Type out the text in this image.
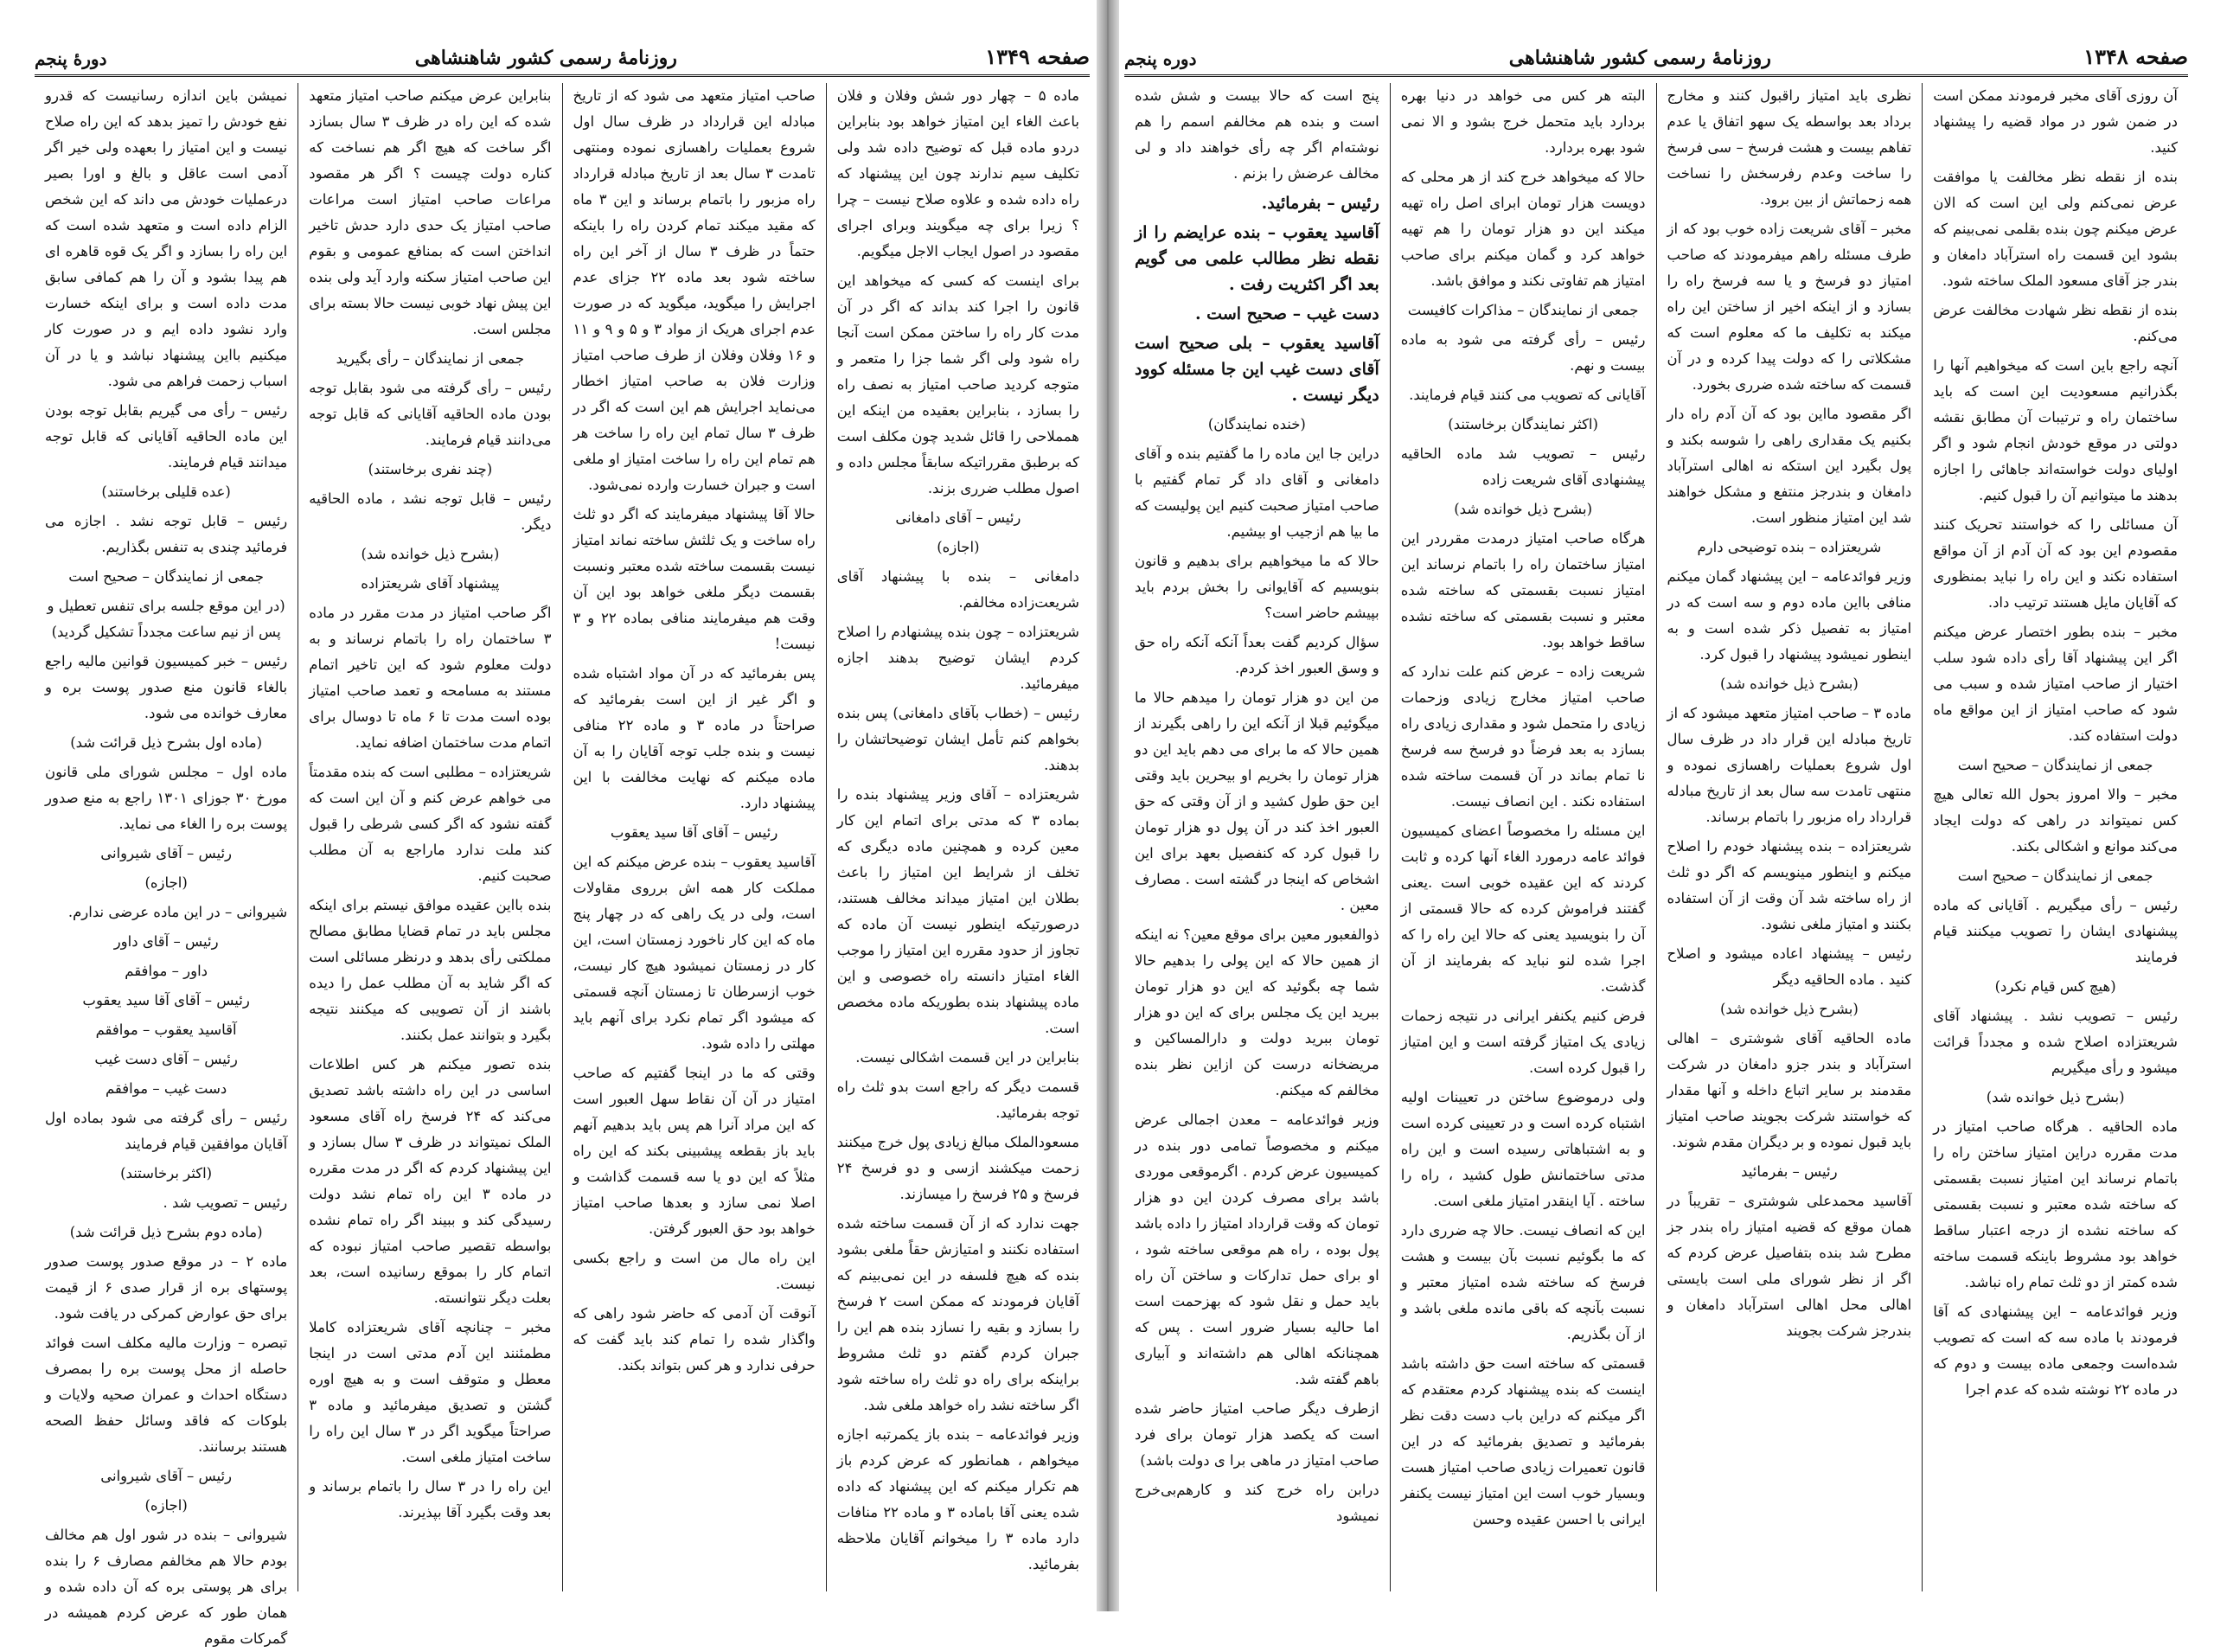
صفحه ۱۳۴۹
روزنامهٔ رسمی کشور شاهنشاهی
دورهٔ پنجم

ماده ۵ – چهار دور شش وفلان و فلان باعث الغاء این امتیاز خواهد بود بنابراین دردو ماده قبل که توضیح داده شد ولی تکلیف سیم ندارند چون این پیشنهاد که راه داده شده و علاوه صلاح نیست – چرا ؟ زیرا برای چه میگویند وبرای اجرای مقصود در اصول ایجاب الاجل میگویم.

برای اینست که کسی که میخواهد این قانون را اجرا کند بداند که اگر در آن مدت کار راه را ساختن ممکن است آنجا راه شود ولی اگر شما جزا را متعمر و متوجه کردید صاحب امتیاز به نصف راه را بسازد ، بنابراین بعقیده من اینکه این همملاحی را قائل شدید چون مکلف است که برطبق مقرراتیکه سابقاً مجلس داده و اصول مطلب ضرری بزند.

رئیس – آقای دامغانی

(اجازه)

دامغانی – بنده با پیشنهاد آقای شریعت‌زاده مخالفم.

شریعتزاده – چون بنده پیشنهادم را اصلاح کردم ایشان توضیح بدهند اجازه میفرمائید.

رئیس – (خطاب بآقای دامغانی) پس بنده بخواهم کنم تأمل ایشان توضیحاتشان را بدهند.

شریعتزاده – آقای وزیر پیشنهاد بنده را بماده ۳ که مدتی برای اتمام این کار معین کرده و همچنین ماده دیگری که تخلف از شرایط این امتیاز را باعث بطلان این امتیاز میداند مخالف هستند، درصورتیکه اینطور نیست آن ماده که تجاوز از حدود مقرره این امتیاز را موجب الغاء امتیاز دانسته راه خصوصی و این ماده پیشنهاد بنده بطوریکه ماده مخصص است.

بنابراین در این قسمت اشکالی نیست.

قسمت دیگر که راجع است بدو ثلث راه توجه بفرمائید.

مسعودالملک مبالغ زیادی پول خرج میکنند زحمت میکشند ازسی و دو فرسخ ۲۴ فرسخ و ۲۵ فرسخ را میسازند.

جهت ندارد که از آن قسمت ساخته شده استفاده نکنند و امتیازش حقاً ملغی بشود بنده که هیچ فلسفه در این نمی‌بینم که آقایان فرمودند که ممکن است ۲ فرسخ را بسازد و بقیه را نسازد بنده هم این را جبران کردم گفتم دو ثلث مشروط براینکه برای راه دو ثلث راه ساخته شود اگر ساخته نشد راه خواهد ملغی شد.

وزیر فوائدعامه – بنده باز یکمرتبه اجازه میخواهم ، همانطور که عرض کردم باز هم تکرار میکنم که این پیشنهاد که داده شده یعنی آقا باماده ۳ و ماده ۲۲ منافات دارد ماده ۳ را میخوانم آقایان ملاحظه بفرمائید.

صاحب امتیاز متعهد می شود که از تاریخ مبادله این قرارداد در ظرف سال اول شروع بعملیات راهسازی نموده ومنتهی تامدت ۳ سال بعد از تاریخ مبادله قرارداد راه مزبور را باتمام برساند و این ۳ ماه که مقید میکند تمام کردن راه را باینکه حتماً در ظرف ۳ سال از آخر این راه ساخته شود بعد ماده ۲۲ جزای عدم اجرایش را میگوید، میگوید که ‌‌‌‌در صورت عدم اجرای هریک از مواد ۳ و ۵ و ۹ و ۱۱ و ۱۶ وفلان وفلان از طرف صاحب امتیاز وزارت فلان به صاحب امتیاز اخطار می‌نماید اجرایش هم این است که اگر در ظرف ۳ سال تمام این راه را ساخت هر هم تمام این راه را ساخت امتیاز او ملغی است و جبران خسارت وارده نمی‌شود.

حالا آقا پیشنهاد میفرمایند که اگر دو ثلث راه ساخت و یک ثلثش ساخته نماند امتیاز نیست بقسمت ساخته شده معتبر ونسبت بقسمت دیگر ملغی خواهد بود این آن وقت هم میفرمایند منافی بماده ۲۲ و ۳ نیست!

پس بفرمائید که در آن مواد اشتباه شده و اگر غیر از این است بفرمائید که صراحتاً در ماده ۳ و ماده ۲۲ منافی نیست و بنده جلب توجه آقایان را به آن ماده میکنم که نهایت مخالفت با این پیشنهاد دارد.

رئیس – آقای آقا سید یعقوب

آقاسید یعقوب – بنده عرض میکنم که این مملکت کار همه اش برروی مقاولات است، ولی در یک راهی که در چهار پنج ماه که این کار ناخورد زمستان است، این کار در زمستان نمیشود هیچ کار نیست، خوب ازسرطان تا زمستان آنچه قسمتی که میشود اگر تمام نکرد برای آنهم باید مهلتی را داده شود.

وقتی که ما در اینجا گفتیم که صاحب امتیاز در آن آن نقاط سهل العبور است که این مراد آنرا هم پس باید بدهیم آنهم باید باز بقطعه پیشبینی بکند که این راه مثلاً که این دو یا سه قسمت گذاشت و اصلا نمی سازد و بعدها صاحب امتیاز خواهد بود حق العبور گرفتن.

این راه مال من است و راجع بکسی نیست.

آنوقت آن آدمی که حاضر شود راهی که واگذار شده را تمام کند باید گفت که حرفی ندارد و هر کس بتواند بکند.

بنابراین عرض میکنم صاحب امتیاز متعهد شده که این راه در ظرف ۳ سال بسازد اگر ساخت که هیچ اگر هم نساخت که کناره دولت چیست ؟ اگر هر مقصود مراعات صاحب امتیاز است مراعات صاحب امتیاز یک حدی دارد حدش تاخیر انداختن است که بمنافع عمومی و بقوم این صاحب امتیاز سکنه وارد آید ولی بنده این پیش نهاد خوبی نیست حالا بسته برای مجلس است.

جمعی از نمایندگان – رأی بگیرید

رئیس – رأی گرفته می شود بقابل توجه بودن ماده الحاقیه آقایانی که قابل توجه می‌دانند قیام فرمایند.

(چند نفری برخاستند)

رئیس – قابل توجه نشد ، ماده الحاقیه دیگر.

(بشرح ذیل خوانده شد)

پیشنهاد آقای شریعتزاده

اگر صاحب امتیاز در مدت مقرر در ماده ۳ ساختمان راه را باتمام نرساند و به دولت معلوم شود که این تاخیر اتمام مستند به مسامحه و تعمد صاحب امتیاز بوده است مدت تا ۶ ماه تا دوسال برای اتمام مدت ساختمان اضافه نماید.

شریعتزاده – مطلبی است که بنده مقدمتاً می خواهم عرض کنم و آن این است که گفته نشود که اگر کسی شرطی را قبول کند ملت ندارد ماراجع به آن مطلب صحبت کنیم.

بنده بااین عقیده موافق نیستم برای اینکه مجلس باید در تمام قضایا مطابق مصالح مملکتی رأی بدهد و درنظر مسائلی است که اگر شاید به آن مطلب عمل را دیده باشند از آن تصویبی که میکنند نتیجه بگیرد و بتوانند عمل بکنند.

بنده تصور میکنم هر کس اطلاعات اساسی در این راه داشته باشد تصدیق می‌کند که ۲۴ فرسخ راه آقای مسعود الملک نمیتواند در ظرف ۳ سال بسازد و این پیشنهاد کردم که اگر در مدت مقرره در ماده ۳ این راه تمام نشد دولت رسیدگی کند و ببیند اگر راه تمام نشده بواسطه تقصیر صاحب امتیاز نبوده که اتمام کار را بموقع رسانیده است، بعد بعلت دیگر نتوانسته.

مخبر – چنانچه آقای شریعتزاده کاملا مطمئنند این آدم مدتی است در اینجا معطل و متوقف است و به هیچ اوره گشتن و تصدیق میفرمائید و ماده ۳ صراحتاً میگوید اگر در ۳ سال این راه را ساخت امتیاز ملغی است.

این راه را در ۳ سال را باتمام برساند و بعد وقت بگیرد آقا بپذیرند.

نمیشن باین اندازه رسانیست که قدرو نفع خودش را تمیز بدهد که این راه صلاح نیست و این امتیاز را بعهده ولی خیر اگر آدمی است عاقل و بالغ و اورا بصیر درعملیات خودش می داند که این شخص الزام داده است و متعهد شده است که این راه را بسازد و اگر یک قوه قاهره ای هم پیدا بشود و آن را هم کمافی سابق مدت داده است و برای اینکه خسارت وارد نشود داده ایم و در صورت کار میکنیم بااین پیشنهاد نباشد و یا در آن اسباب زحمت فراهم می شود.

رئیس – رأی می گیریم بقابل توجه بودن این ماده الحاقیه آقایانی که قابل توجه میدانند قیام فرمایند.

(عده قلیلی برخاستند)

رئیس – قابل توجه نشد . اجازه می فرمائید چندی به تنفس بگذاریم.

جمعی از نمایندگان – صحیح است

(در این موقع جلسه برای تنفس تعطیل و پس از نیم ساعت مجدداً تشکیل گردید)

رئیس – خبر کمیسیون قوانین مالیه راجع بالغاء قانون منع صدور پوست بره و معارف خوانده می شود.

(ماده اول بشرح ذیل قرائت شد)

ماده اول – مجلس شورای ملی قانون مورخ ۳۰ جوزای ۱۳۰۱ راجع به منع صدور پوست بره را الغاء می نماید.

رئیس – آقای شیروانی

(اجازه)

شیروانی – در این ماده عرضی ندارم.

رئیس – آقای داور

داور – موافقم

رئیس – آقای آقا سید یعقوب

آقاسید یعقوب – موافقم

رئیس – آقای دست غیب

دست غیب – موافقم

رئیس – رأی گرفته می شود بماده اول آقایان موافقین قیام فرمایند

(اکثر برخاستند)

رئیس – تصویب شد .

(ماده دوم بشرح ذیل قرائت شد)

ماده ۲ – در موقع صدور پوست صدور پوستهای بره از قرار صدی ۶ از قیمت برای حق عوارض کمرکی در یافت شود.

تبصره – وزارت مالیه مکلف است فوائد حاصله از محل پوست بره را بمصرف دستگاه احداث و عمران صحیه ولایات و بلوکات که فاقد وسائل حفظ الصحه هستند برسانند.

رئیس – آقای شیروانی

(اجازه)

شیروانی – بنده در شور اول هم مخالف بودم حالا هم مخالفم مصارف ۶ را بنده برای هر پوستی بره که آن داده شده و همان طور که عرض کردم همیشه در گمرکات مقوم

صفحه ۱۳۴۸
روزنامهٔ رسمی کشور شاهنشاهی
دوره پنجم

آن روزی آقای مخبر فرمودند ممکن است در ضمن شور در مواد قضیه را پیشنهاد کنید.

بنده از نقطه نظر مخالفت یا موافقت عرض نمی‌کنم ولی این است که الان عرض میکنم چون بنده بقلمی نمی‌بینم که بشود این قسمت راه استرآباد دامغان و بندر جز آقای مسعود الملک ساخته شود.

بنده از نقطه نظر شهادت مخالفت عرض می‌کنم.

آنچه راجع باین است که میخواهیم آنها را بگذرانیم مسعودیت این است که باید ساختمان راه و ترتیبات آن مطابق نقشه دولتی در موقع خودش انجام شود و اگر اولیای دولت خواسته‌اند جاهائی را اجازه بدهند ما میتوانیم آن را قبول کنیم.

آن مسائلی را که خواستند تحریک کنند مقصودم این بود که آن آدم از آن مواقع استفاده نکند و این راه را نباید بمنظوری که آقایان مایل هستند ترتیب داد.

مخبر – بنده بطور اختصار عرض میکنم اگر این پیشنهاد آقا رأی داده شود سلب اختیار از صاحب امتیاز شده و سبب می شود که صاحب امتیاز از این مواقع ماه دولت استفاده کند.

جمعی از نمایندگان – صحیح است

مخبر – والا امروز بحول الله تعالی هیچ کس نمیتواند در راهی که دولت ایجاد می‌کند موانع و اشکالی بکند.

جمعی از نمایندگان – صحیح است

رئیس – رأی میگیریم . آقایانی که ماده پیشنهادی ایشان را تصویب میکنند قیام فرمایند

(هیچ کس قیام نکرد)

رئیس – تصویب نشد . پیشنهاد آقای شریعتزاده اصلاح شده و مجدداً قرائت میشود و رأی میگیریم

(بشرح ذیل خوانده شد)

ماده الحاقیه . هرگاه صاحب امتیاز در مدت مقرره دراین امتیاز ساختن راه را باتمام نرساند این امتیاز نسبت بقسمتی که ساخته شده معتبر و نسبت بقسمتی که ساخته نشده از درجه اعتبار ساقط خواهد بود مشروط باینکه قسمت ساخته شده کمتر از دو ثلث تمام راه نباشد.

وزیر فوائدعامه – این پیشنهادی که آقا فرمودند با ماده سه که است که تصویب شده‌است وجمعی ماده بیست و دوم که در ماده ۲۲ نوشته شده که عدم اجرا

نظری باید امتیاز راقبول کنند و مخارج برداد بعد بواسطه یک سهو اتفاق یا عدم تفاهم بیست و هشت فرسخ – سی فرسخ را ساخت وعدم رفرسخش را نساخت همه زحماتش از بین برود.

مخبر – آقای شریعت زاده خوب بود که از طرف مسئله راهم میفرمودند که صاحب امتیاز دو فرسخ و یا سه فرسخ راه را بسازد و از اینکه اخیر از ساختن این راه میکند به تکلیف ما که معلوم است که مشکلاتی را که دولت پیدا کرده و در آن قسمت که ساخته شده ضرری بخورد.

اگر مقصود مااین بود که آن آدم راه دار بکنیم یک مقداری راهی را شوسه بکند و پول بگیرد این استکه نه اهالی استرآباد دامغان و بندرجز منتفع و مشکل خواهند شد این امتیاز منظور است.

شریعتزاده – بنده توضیحی دارم

وزیر فوائدعامه – این پیشنهاد گمان میکنم منافی بااین ماده دوم و سه است که در امتیاز به تفصیل ذکر شده است و به اینطور نمیشود پیشنهاد را قبول کرد.

(بشرح ذیل خوانده شد)

ماده ۳ – صاحب امتیاز متعهد میشود که از تاریخ مبادله این قرار داد در ظرف سال اول شروع بعملیات راهسازی نموده و منتهی تامدت سه سال بعد از تاریخ مبادله قرارداد راه مزبور را باتمام برساند.

شریعتزاده – بنده پیشنهاد خودم را اصلاح میکنم و اینطور مینویسم که اگر دو ثلث از راه ساخته شد آن وقت از آن استفاده بکنند و امتیاز ملغی نشود.

رئیس – پیشنهاد اعاده میشود و اصلاح کنید . ماده الحاقیه دیگر

(بشرح ذیل خوانده شد)

ماده الحاقیه آقای شوشتری – اهالی استرآباد و بندر جزو دامغان در شرکت مقدمند بر سایر اتباع داخله و آنها مقدار که خواستند شرکت بجویند صاحب امتیاز باید قبول نموده و بر دیگران مقدم شوند.

رئیس – بفرمائید

آقاسید محمدعلی شوشتری – تقریباً در همان موقع که قضیه امتیاز راه بندر جز مطرح شد بنده بتفاصیل عرض کردم که اگر از نظر شورای ملی است بایستی اهالی محل اهالی استرآباد دامغان و بندرجز شرکت بجویند

البته هر کس می خواهد در دنیا بهره بردارد باید متحمل خرج بشود و الا نمی شود بهره بردارد.

حالا که میخواهد خرج کند از هر محلی که دویست هزار تومان ابرای اصل راه تهیه میکند این دو هزار تومان را هم تهیه خواهد کرد و گمان میکنم برای صاحب امتیاز هم تفاوتی نکند و موافق باشد.

جمعی از نمایندگان – مذاکرات کافیست

رئیس – رأی گرفته می شود به ماده بیست و نهم.

آقایانی که تصویب می کنند قیام فرمایند.

(اکثر نمایندگان برخاستند)

رئیس – تصویب شد ماده الحاقیه پیشنهادی آقای شریعت زاده

(بشرح ذیل خوانده شد)

هرگاه صاحب امتیاز درمدت مقرردر این امتیاز ساختمان راه را باتمام نرساند این امتیاز نسبت بقسمتی که ساخته شده معتبر و نسبت بقسمتی که ساخته نشده ساقط خواهد بود.

شریعت زاده – عرض کنم علت ندارد که صاحب امتیاز مخارج زیادی وزحمات زیادی را متحمل شود و مقداری زیادی راه بسازد به بعد فرضاً دو فرسخ سه فرسخ نا تمام بماند در آن قسمت ساخته شده استفاده نکند . این انصاف نیست.

این مسئله را مخصوصاً اعضای کمیسیون فوائد عامه درمورد الغاء آنها کرده و ثابت کردند که این عقیده خوبی است .یعنی گفتند فراموش کرده که حالا قسمتی از آن را بنویسید یعنی که حالا این راه را که اجرا شده لنو نباید که بفرمایند از آن گذشت.

فرض کنیم یکنفر ایرانی در نتیجه زحمات زیادی یک امتیاز گرفته است و این امتیاز را قبول کرده است.

ولی درموضوع ساختن در تعیینات اولیه اشتباه کرده است و در تعیینی کرده است و به اشتباهاتی رسیده است و این راه مدتی ساختمانش طول کشید ، راه را ساخته . آیا اینقدر امتیاز ملغی است.

این که انصاف نیست. حالا چه ضرری دارد که ما بگوئیم نسبت بآن بیست و هشت فرسخ که ساخته شده امتیاز معتبر و نسبت بآنچه که باقی مانده ملغی باشد و از آن بگذریم.

قسمتی که ساخته است حق داشته باشد اینست که بنده پیشنهاد کردم معتقدم که اگر میکنم که دراین باب دست دقت نظر بفرمائید و تصدیق بفرمائید که در این قانون تعمیرات زیادی صاحب امتیاز هست وبسیار خوب است این امتیاز نیست یکنفر ایرانی با احسن عقیده وحسن

پنج است که حالا بیست و شش شده است و بنده هم مخالفم اسمم را هم نوشته‌ام اگر چه رأی خواهند داد و لی مخالف عرضش را بزنم .

رئیس – بفرمائید.

آقاسید یعقوب – بنده عرایضم را از نقطه نظر مطالب علمی می گویم بعد اگر اکثریت رفت .

دست غیب – صحیح است .

آقاسید یعقوب – بلی صحیح است آقای دست غیب این جا مسئله کوود دیگر نیست .

(خنده نمایندگان)

دراین جا این ماده را ما گفتیم بنده و آقای دامغانی و آقای داد گر تمام گفتیم با صاحب امتیاز صحبت کنیم این پولیست که ما بیا هم ازجیب او بیشیم.

حالا که ما میخواهیم برای بدهیم و قانون بنویسیم که آقایوانی را بخش بردم باید بپیشم حاضر است؟

سؤال کردیم گفت بعداً آنکه آنکه راه حق و وسق العبور اخذ کردم.

من این دو هزار تومان را میدهم حالا ما میگوئیم قبلا از آنکه این را راهی بگیرند از همین حالا که ما برای می دهم باید این دو هزار تومان را بخریم او بیحرین باید وقتی این حق طول کشید و از آن وقتی که حق العبور اخذ کند در آن پول دو هزار تومان را قبول کرد که کنفصیل بعهد برای این اشخاص که اینجا در گشته است . مصارف معین .

ذوالفعبور معین برای موقع معین؟ نه اینکه از همین حالا که این پولی را بدهیم حالا شما چه بگوئید که این دو هزار تومان ببرید این یک مجلس برای که این دو هزار تومان ببرید دولت و دارالمساکین و مریضخانه درست کن ازاین نظر بنده مخالفم که میکنم.

وزیر فوائدعامه – معدن اجمالی عرض میکنم و مخصوصاً تمامی دور بنده در کمیسیون عرض کردم . اگرموقعی موردی باشد برای مصرف کردن این دو هزار تومان که وقت قرارداد امتیاز را داده باشد پول بوده ، راه هم موقعی ساخته شود ، او برای حمل تدارکات و ساختن آن راه باید حمل و نقل شود که بهزحمت است اما حالیه بسیار ضرور است . پس که همچنانکه اهالی هم داشته‌اند و آبیاری باهم گفته شد.

ازطرف دیگر صاحب امتیاز حاضر شده است که یکصد هزار تومان برای فرد صاحب امتیاز در ماهی برا ی دولت باشد)

درابن راه خرج کند و کارهم‌بی‌خرج نمیشود
